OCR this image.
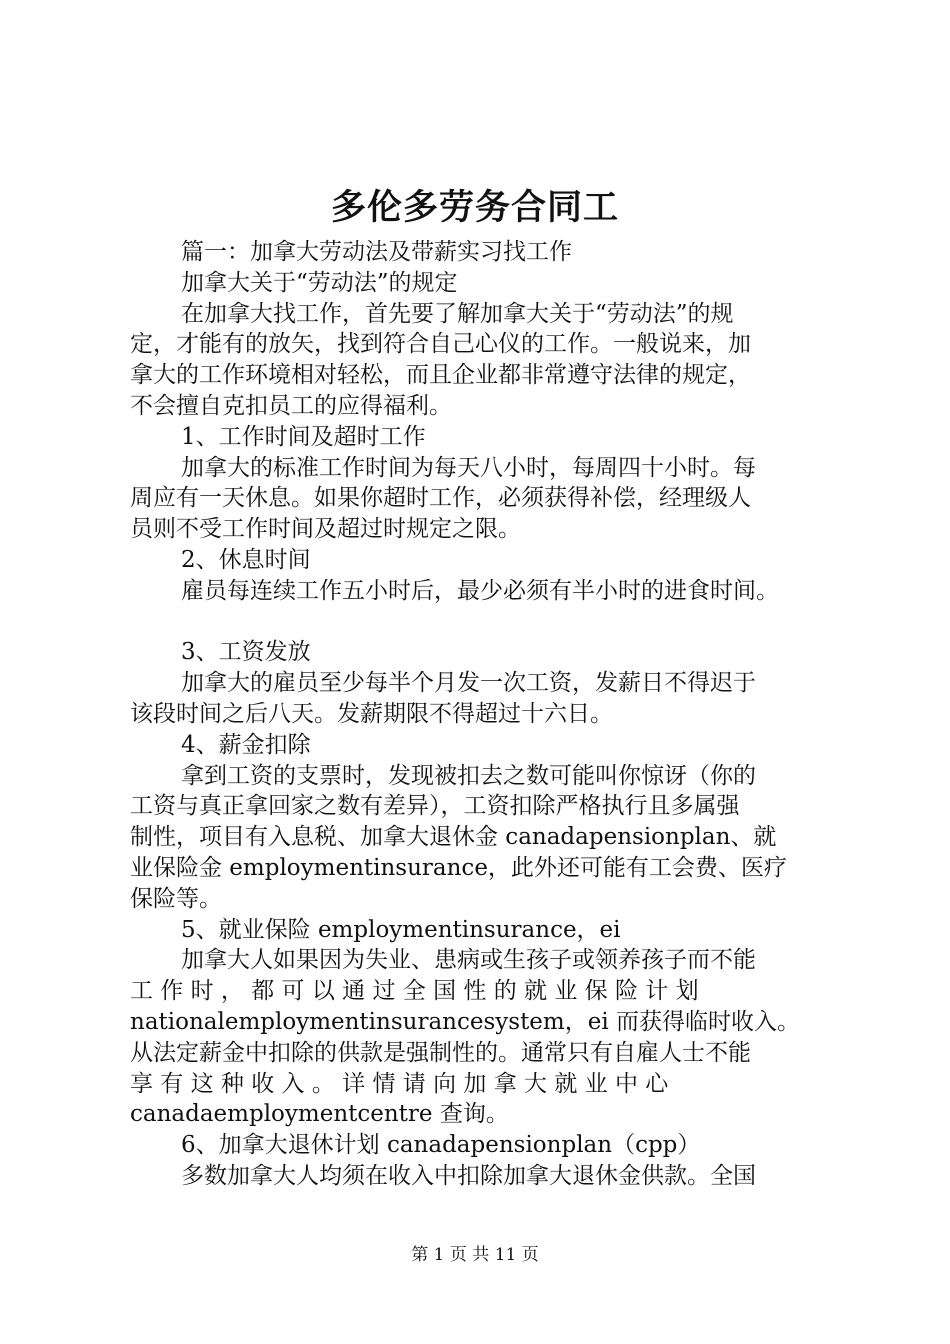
多伦多劳务合同工
篇一：加拿大劳动法及带薪实习找工作
加拿大关于“劳动法”的规定
在加拿大找工作，首先要了解加拿大关于“劳动法”的规
定，才能有的放矢，找到符合自己心仪的工作。一般说来，加
拿大的工作环境相对轻松，而且企业都非常遵守法律的规定，
不会擅自克扣员工的应得福利。
1、工作时间及超时工作
加拿大的标准工作时间为每天八小时，每周四十小时。每
周应有一天休息。如果你超时工作，必须获得补偿，经理级人
员则不受工作时间及超过时规定之限。
2、休息时间
雇员每连续工作五小时后，最少必须有半小时的进食时间。
3、工资发放
加拿大的雇员至少每半个月发一次工资，发薪日不得迟于
该段时间之后八天。发薪期限不得超过十六日。
4、薪金扣除
拿到工资的支票时，发现被扣去之数可能叫你惊讶（你的
工资与真正拿回家之数有差异），工资扣除严格执行且多属强
制性，项目有入息税、加拿大退休金 canadapensionplan、就
业保险金 employmentinsurance，此外还可能有工会费、医疗
保险等。
5、就业保险 employmentinsurance，ei
加拿大人如果因为失业、患病或生孩子或领养孩子而不能
工 作 时 ， 都 可 以 通 过 全 国 性 的 就 业 保 险 计 划
nationalemploymentinsurancesystem，ei 而获得临时收入。
从法定薪金中扣除的供款是强制性的。通常只有自雇人士不能
享 有 这 种 收 入 。 详 情 请 向 加 拿 大 就 业 中 心
canadaemploymentcentre 查询。
6、加拿大退休计划 canadapensionplan（cpp）
多数加拿大人均须在收入中扣除加拿大退休金供款。全国
第 1 页 共 11 页
